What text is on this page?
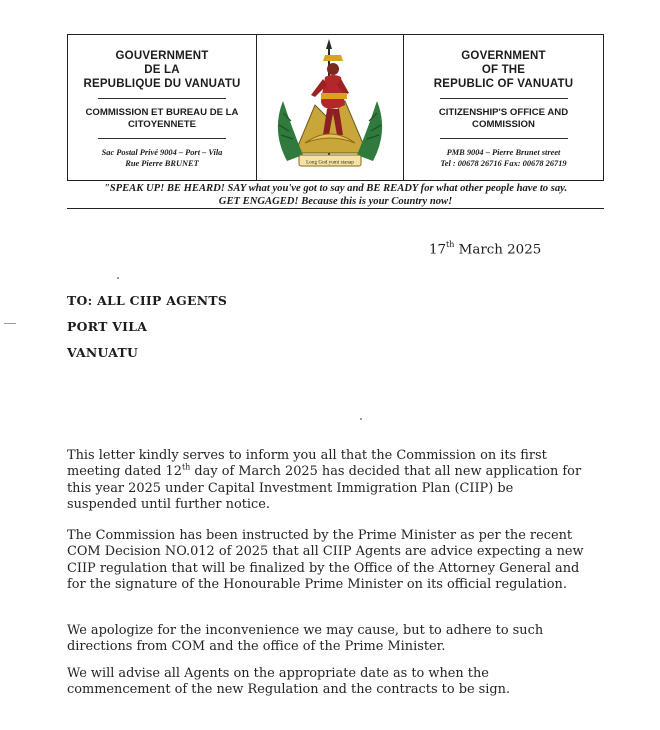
GOUVERNMENT
DE LA
REPUBLIQUE DU VANUATU
COMMISSION ET BUREAU DE LA
CITOYENNETE
Sac Postal Privé 9004 – Port – Vila
Rue Pierre BRUNET	Long God yumi stanap
GOVERNMENT
OF THE
REPUBLIC OF VANUATU
CITIZENSHIP'S OFFICE AND
COMMISSION
PMB 9004 – Pierre Brunet street
Tel : 00678 26716 Fax: 00678 26719
"SPEAK UP! BE HEARD! SAY what you've got to say and BE READY for what other people have to say.
GET ENGAGED! Because this is your Country now!
17th March 2025
TO: ALL CIIP AGENTS
PORT VILA
VANUATU
This letter kindly serves to inform you all that the Commission on its first meeting dated 12th day of March 2025 has decided that all new application for this year 2025 under Capital Investment Immigration Plan (CIIP) be suspended until further notice.
The Commission has been instructed by the Prime Minister as per the recent COM Decision NO.012 of 2025 that all CIIP Agents are advice expecting a new CIIP regulation that will be finalized by the Office of the Attorney General and for the signature of the Honourable Prime Minister on its official regulation.
We apologize for the inconvenience we may cause, but to adhere to such directions from COM and the office of the Prime Minister.
We will advise all Agents on the appropriate date as to when the commencement of the new Regulation and the contracts to be sign.
